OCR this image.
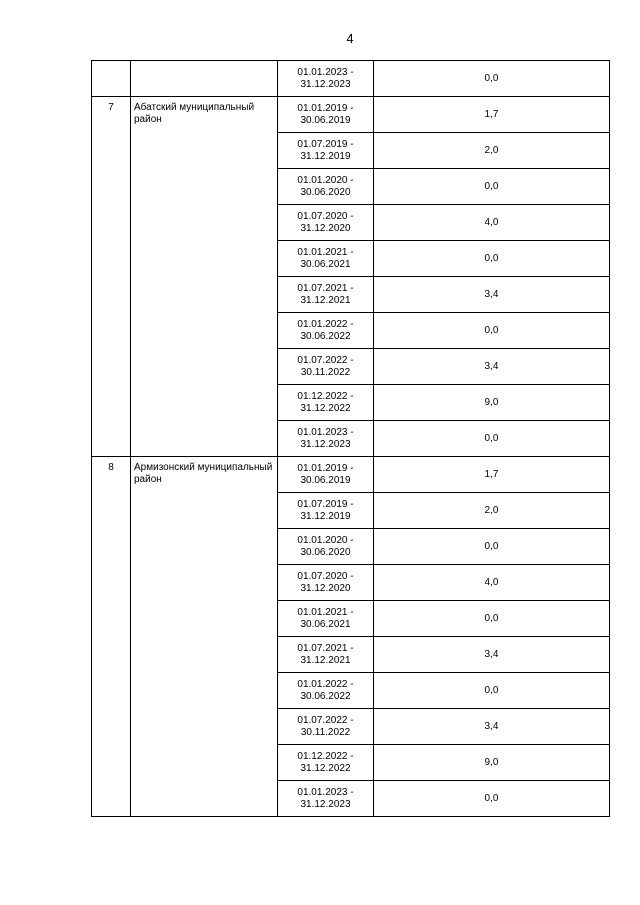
4
		01.01.2023 -
31.12.2023	0,0
7	Абатский муниципальный район	01.01.2019 -
30.06.2019	1,7
		01.07.2019 -
31.12.2019	2,0
		01.01.2020 -
30.06.2020	0,0
		01.07.2020 -
31.12.2020	4,0
		01.01.2021 -
30.06.2021	0,0
		01.07.2021 -
31.12.2021	3,4
		01.01.2022 -
30.06.2022	0,0
		01.07.2022 -
30.11.2022	3,4
		01.12.2022 -
31.12.2022	9,0
		01.01.2023 -
31.12.2023	0,0
8	Армизонский муниципальный район	01.01.2019 -
30.06.2019	1,7
		01.07.2019 -
31.12.2019	2,0
		01.01.2020 -
30.06.2020	0,0
		01.07.2020 -
31.12.2020	4,0
		01.01.2021 -
30.06.2021	0,0
		01.07.2021 -
31.12.2021	3,4
		01.01.2022 -
30.06.2022	0,0
		01.07.2022 -
30.11.2022	3,4
		01.12.2022 -
31.12.2022	9,0
		01.01.2023 -
31.12.2023	0,0
